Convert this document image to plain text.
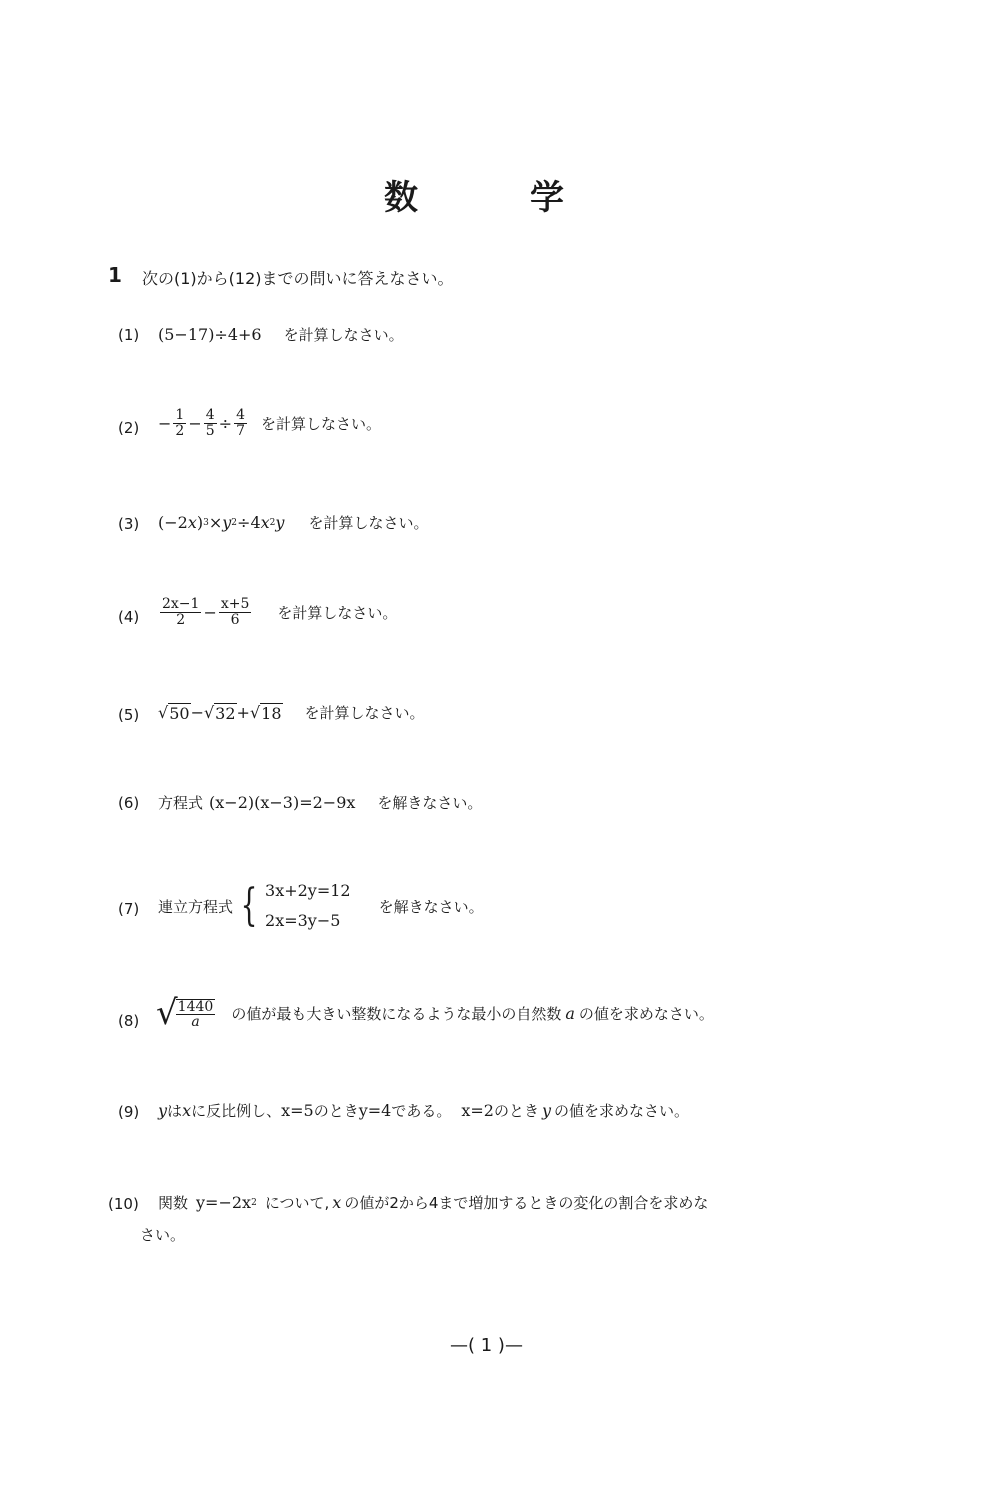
数	学
1 次の(1)から(12)までの問いに答えなさい。
(1) (5−17)÷4+6 を計算しなさい。
$(2) - \frac{1}{2} - \frac{4}{5} \div \frac{4}{7}$ を計算しなさい。
(3) (−2 x ) 3 × y 2 ÷4 x 2 y を計算しなさい。
$(4) \frac{2x-1}{2} - \frac{x+5}{6}$ を計算しなさい。
(5) √ 50 − √ 32 + √ 18 を計算しなさい。
(6) 方程式 (x−2)(x−3)=2−9x を解きなさい。
(7) 連立方程式 { 3x+2y=12
2x=3y−5
を解きなさい。
(8) √
$\frac{1440}{a}$ の値が最も大きい整数になるような最小の自然数 a の値を求めなさい。
(9) y は x に反比例し、 x=5 のとき y=4 である。 x=2 のとき y の値を求めなさい。
(10) 関数 y=−2x 2 について, x の値が2から4まで増加するときの変化の割合を求めな
さい。
—( 1 )—
